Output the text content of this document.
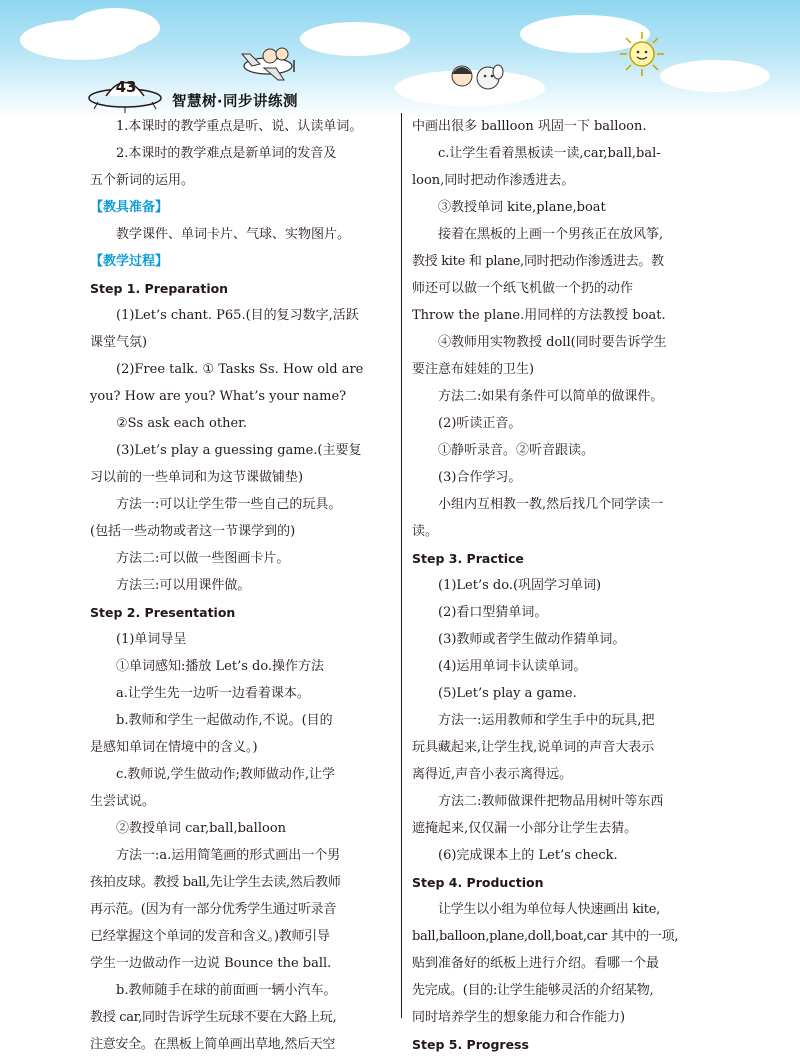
43
智慧树·同步讲练测

1.本课时的教学重点是听、说、认读单词。

2.本课时的教学难点是新单词的发音及

五个新词的运用。

【教具准备】

教学课件、单词卡片、气球、实物图片。

【教学过程】

Step 1. Preparation

(1)Let’s chant. P65.(目的复习数字,活跃

课堂气氛)

(2)Free talk. ① Tasks Ss. How old are

you? How are you? What’s your name?

②Ss ask each other.

(3)Let’s play a guessing game.(主要复

习以前的一些单词和为这节课做铺垫)

方法一:可以让学生带一些自己的玩具。

(包括一些动物或者这一节课学到的)

方法二:可以做一些图画卡片。

方法三:可以用课件做。

Step 2. Presentation

(1)单词导呈

①单词感知:播放 Let’s do.操作方法

a.让学生先一边听一边看着课本。

b.教师和学生一起做动作,不说。(目的

是感知单词在情境中的含义。)

c.教师说,学生做动作;教师做动作,让学

生尝试说。

②教授单词 car,ball,balloon

方法一:a.运用简笔画的形式画出一个男

孩拍皮球。教授 ball,先让学生去读,然后教师

再示范。(因为有一部分优秀学生通过听录音

已经掌握这个单词的发音和含义。)教师引导

学生一边做动作一边说 Bounce the ball.

b.教师随手在球的前面画一辆小汽车。

教授 car,同时告诉学生玩球不要在大路上玩,

注意安全。在黑板上简单画出草地,然后天空

中画出很多 ballloon 巩固一下 balloon.

c.让学生看着黑板读一读,car,ball,bal-

loon,同时把动作渗透进去。

③教授单词 kite,plane,boat

接着在黑板的上画一个男孩正在放风筝,

教授 kite 和 plane,同时把动作渗透进去。教

师还可以做一个纸飞机做一个扔的动作

Throw the plane.用同样的方法教授 boat.

④教师用实物教授 doll(同时要告诉学生

要注意布娃娃的卫生)

方法二:如果有条件可以简单的做课件。

(2)听读正音。

①静听录音。②听音跟读。

(3)合作学习。

小组内互相教一教,然后找几个同学读一

读。

Step 3. Practice

(1)Let’s do.(巩固学习单词)

(2)看口型猜单词。

(3)教师或者学生做动作猜单词。

(4)运用单词卡认读单词。

(5)Let’s play a game.

方法一:运用教师和学生手中的玩具,把

玩具藏起来,让学生找,说单词的声音大表示

离得近,声音小表示离得远。

方法二:教师做课件把物品用树叶等东西

遮掩起来,仅仅漏一小部分让学生去猜。

(6)完成课本上的 Let’s check.

Step 4. Production

让学生以小组为单位每人快速画出 kite,

ball,balloon,plane,doll,boat,car 其中的一项,

贴到准备好的纸板上进行介绍。看哪一个最

先完成。(目的:让学生能够灵活的介绍某物,

同时培养学生的想象能力和合作能力)

Step 5. Progress
